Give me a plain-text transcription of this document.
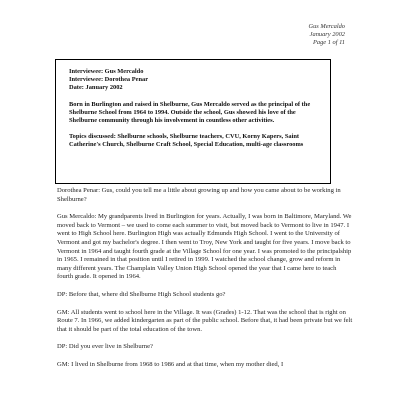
Gus Mercaldo
January 2002
Page 1 of 11

Interviewee: Gus Mercaldo

Interviewee: Dorothea Penar

Date: January 2002

Born in Burlington and raised in Shelburne, Gus Mercaldo served as the principal of the Shelburne School from 1964 to 1994. Outside the school, Gus showed his love of the Shelburne community through his involvement in countless other activities.

Topics discussed: Shelburne schools, Shelburne teachers, CVU, Korny Kapers, Saint Catherine's Church, Shelburne Craft School, Special Education, multi-age classrooms

Dorothea Penar: Gus, could you tell me a little about growing up and how you came about to be working in Shelburne?

Gus Mercaldo: My grandparents lived in Burlington for years. Actually, I was born in Baltimore, Maryland. We moved back to Vermont – we used to come each summer to visit, but moved back to Vermont to live in 1947. I went to High School here. Burlington High was actually Edmunds High School. I went to the University of Vermont and got my bachelor's degree. I then went to Troy, New York and taught for five years. I move back to Vermont in 1964 and taught fourth grade at the Village School for one year. I was promoted to the principalship in 1965. I remained in that position until I retired in 1999. I watched the school change, grow and reform in many different years. The Champlain Valley Union High School opened the year that I came here to teach fourth grade. It opened in 1964.

DP: Before that, where did Shelburne High School students go?

GM: All students went to school here in the Village. It was (Grades) 1-12. That was the school that is right on Route 7. In 1966, we added kindergarten as part of the public school. Before that, it had been private but we felt that it should be part of the total education of the town.

DP: Did you ever live in Shelburne?

GM: I lived in Shelburne from 1968 to 1986 and at that time, when my mother died, I
